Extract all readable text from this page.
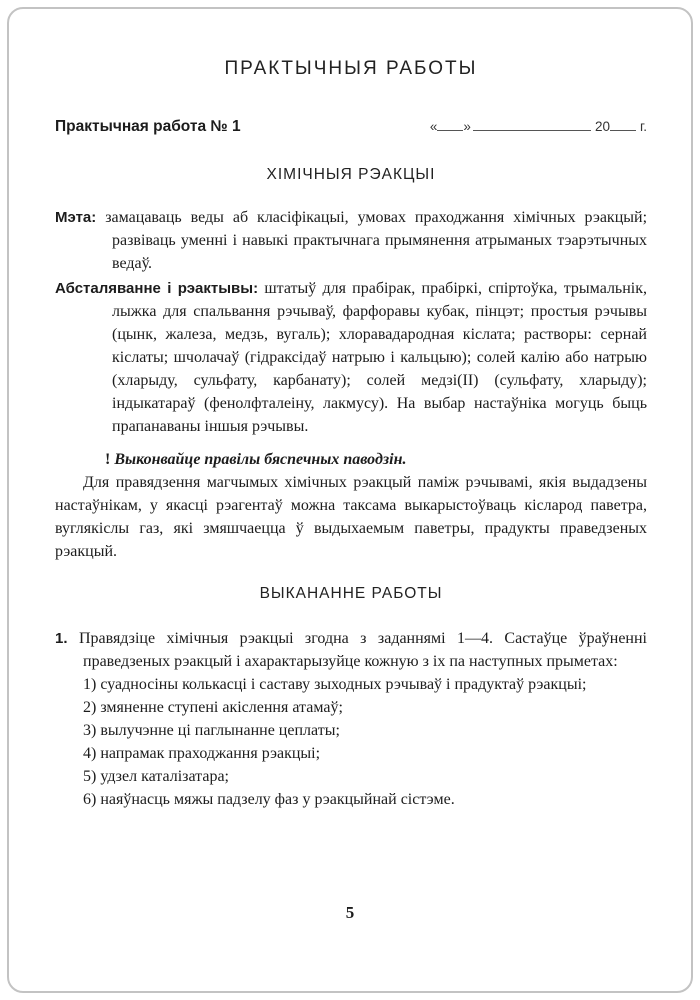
ПРАКТЫЧНЫЯ РАБОТЫ
Практычная работа № 1	« »	20 г.
ХІМІЧНЫЯ РЭАКЦЫІ

Мэта: замацаваць веды аб класіфікацыі, умовах праходжання хімічных рэакцый; развіваць уменні і навыкі практычнага прымянення атрыманых тэарэтычных ведаў.

Абсталяванне і рэактывы: штатыў для прабірак, прабіркі, спіртоўка, трымальнік, лыжка для спальвання рэчываў, фарфоравы кубак, пінцэт; простыя рэчывы (цынк, жалеза, медзь, вугаль); хлоравадародная кіслата; растворы: сернай кіслаты; шчолачаў (гідраксідаў натрыю і кальцыю); солей калію або натрыю (хларыду, сульфату, карбанату); солей медзі(II) (сульфату, хларыду); індыкатараў (фенолфталеіну, лакмусу). На выбар настаўніка могуць быць прапанаваны іншыя рэчывы.

! Выконвайце правілы бяспечных паводзін.

Для правядзення магчымых хімічных рэакцый паміж рэчывамі, якія выдадзены настаўнікам, у якасці рэагентаў можна таксама выкарыстоўваць кісларод паветра, вуглякіслы газ, які змяшчаецца ў выдыхаемым паветры, прадукты праведзеных рэакцый.

ВЫКАНАННЕ РАБОТЫ

1. Правядзіце хімічныя рэакцыі згодна з заданнямі 1—4. Састаўце ўраўненні праведзеных рэакцый і ахарактарызуйце кожную з іх па наступных прыметах:

1) суадносіны колькасці і саставу зыходных рэчываў і прадуктаў рэакцыі;

2) змяненне ступені акіслення атамаў;

3) вылучэнне ці паглынанне цеплаты;

4) напрамак праходжання рэакцыі;

5) удзел каталізатара;

6) наяўнасць мяжы падзелу фаз у рэакцыйнай сістэме.

5
